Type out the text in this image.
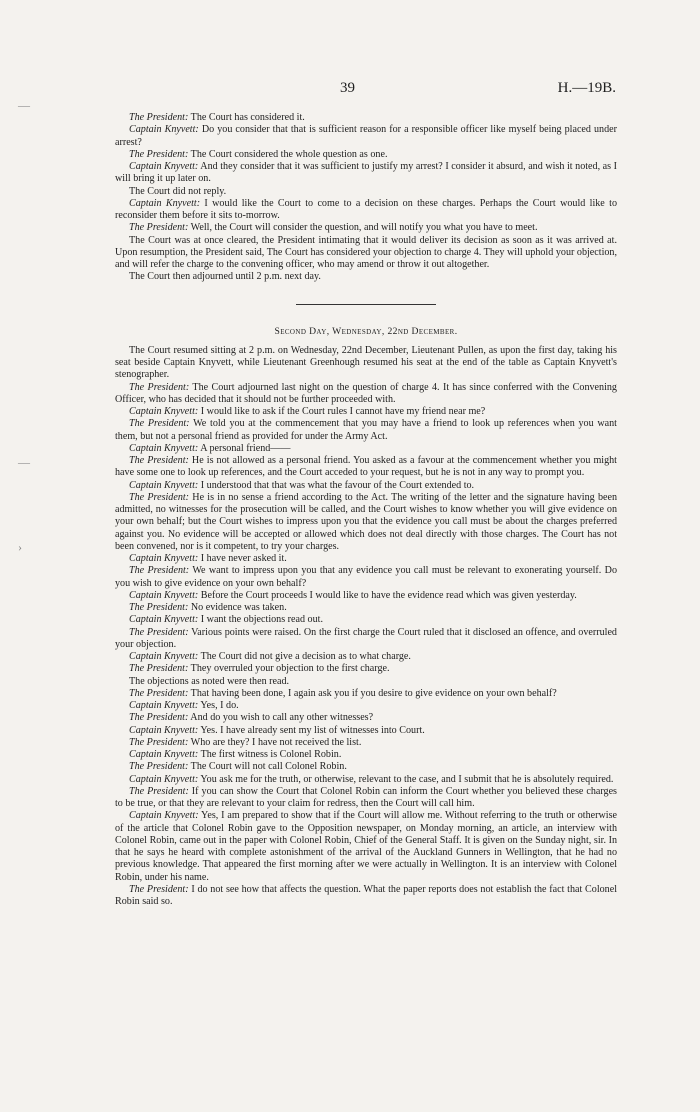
39	H.—19B.
—
—
›

The President: The Court has considered it.

Captain Knyvett: Do you consider that that is sufficient reason for a responsible officer like myself being placed under arrest?

The President: The Court considered the whole question as one.

Captain Knyvett: And they consider that it was sufficient to justify my arrest? I consider it absurd, and wish it noted, as I will bring it up later on.

The Court did not reply.

Captain Knyvett: I would like the Court to come to a decision on these charges. Perhaps the Court would like to reconsider them before it sits to-morrow.

The President: Well, the Court will consider the question, and will notify you what you have to meet.

The Court was at once cleared, the President intimating that it would deliver its decision as soon as it was arrived at. Upon resumption, the President said, The Court has considered your objection to charge 4. They will uphold your objection, and will refer the charge to the convening officer, who may amend or throw it out altogether.

The Court then adjourned until 2 p.m. next day.

Second Day, Wednesday, 22nd December.

The Court resumed sitting at 2 p.m. on Wednesday, 22nd December, Lieutenant Pullen, as upon the first day, taking his seat beside Captain Knyvett, while Lieutenant Greenhough resumed his seat at the end of the table as Captain Knyvett's stenographer.

The President: The Court adjourned last night on the question of charge 4. It has since conferred with the Convening Officer, who has decided that it should not be further proceeded with.

Captain Knyvett: I would like to ask if the Court rules I cannot have my friend near me?

The President: We told you at the commencement that you may have a friend to look up references when you want them, but not a personal friend as provided for under the Army Act.

Captain Knyvett: A personal friend——

The President: He is not allowed as a personal friend. You asked as a favour at the commencement whether you might have some one to look up references, and the Court acceded to your request, but he is not in any way to prompt you.

Captain Knyvett: I understood that that was what the favour of the Court extended to.

The President: He is in no sense a friend according to the Act. The writing of the letter and the signature having been admitted, no witnesses for the prosecution will be called, and the Court wishes to know whether you will give evidence on your own behalf; but the Court wishes to impress upon you that the evidence you call must be about the charges preferred against you. No evidence will be accepted or allowed which does not deal directly with those charges. The Court has not been convened, nor is it competent, to try your charges.

Captain Knyvett: I have never asked it.

The President: We want to impress upon you that any evidence you call must be relevant to exonerating yourself. Do you wish to give evidence on your own behalf?

Captain Knyvett: Before the Court proceeds I would like to have the evidence read which was given yesterday.

The President: No evidence was taken.

Captain Knyvett: I want the objections read out.

The President: Various points were raised. On the first charge the Court ruled that it disclosed an offence, and overruled your objection.

Captain Knyvett: The Court did not give a decision as to what charge.

The President: They overruled your objection to the first charge.

The objections as noted were then read.

The President: That having been done, I again ask you if you desire to give evidence on your own behalf?

Captain Knyvett: Yes, I do.

The President: And do you wish to call any other witnesses?

Captain Knyvett: Yes. I have already sent my list of witnesses into Court.

The President: Who are they? I have not received the list.

Captain Knyvett: The first witness is Colonel Robin.

The President: The Court will not call Colonel Robin.

Captain Knyvett: You ask me for the truth, or otherwise, relevant to the case, and I submit that he is absolutely required.

The President: If you can show the Court that Colonel Robin can inform the Court whether you believed these charges to be true, or that they are relevant to your claim for redress, then the Court will call him.

Captain Knyvett: Yes, I am prepared to show that if the Court will allow me. Without referring to the truth or otherwise of the article that Colonel Robin gave to the Opposition newspaper, on Monday morning, an article, an interview with Colonel Robin, came out in the paper with Colonel Robin, Chief of the General Staff. It is given on the Sunday night, sir. In that he says he heard with complete astonishment of the arrival of the Auckland Gunners in Wellington, that he had no previous knowledge. That appeared the first morning after we were actually in Wellington. It is an interview with Colonel Robin, under his name.

The President: I do not see how that affects the question. What the paper reports does not establish the fact that Colonel Robin said so.
